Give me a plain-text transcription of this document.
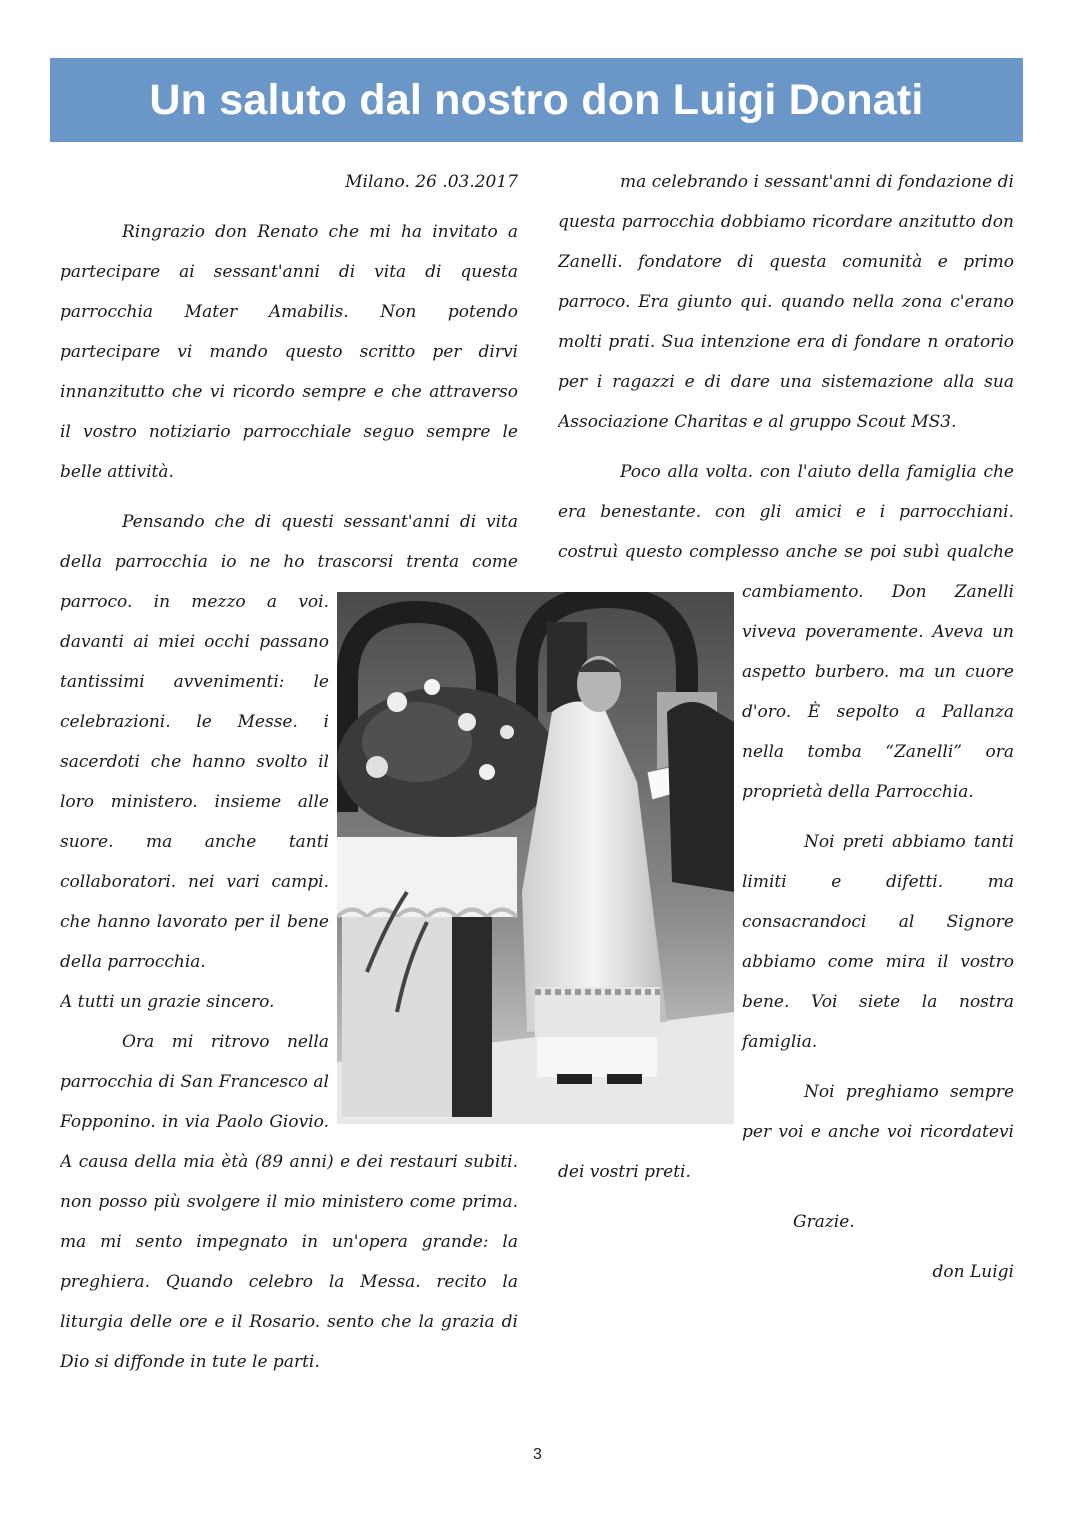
Un saluto dal nostro don Luigi Donati

Milano. 26 .03.2017

Ringrazio don Renato che mi ha invitato a partecipare ai sessant'anni di vita di questa parrocchia Mater Amabilis. Non potendo partecipare vi mando questo scritto per dirvi innanzitutto che vi ricordo sempre e che attraverso il vostro notiziario parrocchiale seguo sempre le belle attività.

Pensando che di questi sessant'anni di vita della parrocchia io ne ho trascorsi trenta come parroco. in mezzo a voi. davanti ai miei occhi passano tantissimi avvenimenti: le celebrazioni. le Messe. i sacerdoti che hanno svolto il loro ministero. insieme alle suore. ma anche tanti collaboratori. nei vari campi. che hanno lavorato per il bene della parrocchia.

A tutti un grazie sincero.

Ora mi ritrovo nella parrocchia di San Francesco al Fopponino. in via Paolo Giovio. A causa della mia ètà (89 anni) e dei restauri subiti. non posso più svolgere il mio ministero come prima. ma mi sento impegnato in un'opera grande: la preghiera. Quando celebro la Messa. recito la liturgia delle ore e il Rosario. sento che la grazia di Dio si diffonde in tute le parti.

ma celebrando i sessant'anni di fondazione di questa parrocchia dobbiamo ricordare anzitutto don Zanelli. fondatore di questa comunità e primo parroco. Era giunto qui. quando nella zona c'erano molti prati. Sua intenzione era di fondare n oratorio per i ragazzi e di dare una sistemazione alla sua Associazione Charitas e al gruppo Scout MS3.

Poco alla volta. con l'aiuto della famiglia che era benestante. con gli amici e i parrocchiani. costruì questo complesso anche se poi subì qualche cambiamento. Don Zanelli viveva poveramente. Aveva un aspetto burbero. ma un cuore d'oro. È sepolto a Pallanza nella tomba “Zanelli” ora proprietà della Parrocchia.

Noi preti abbiamo tanti limiti e difetti. ma consacrandoci al Signore abbiamo come mira il vostro bene. Voi siete la nostra famiglia.

Noi preghiamo sempre per voi e anche voi ricordatevi dei vostri preti.

Grazie.

don Luigi

3
